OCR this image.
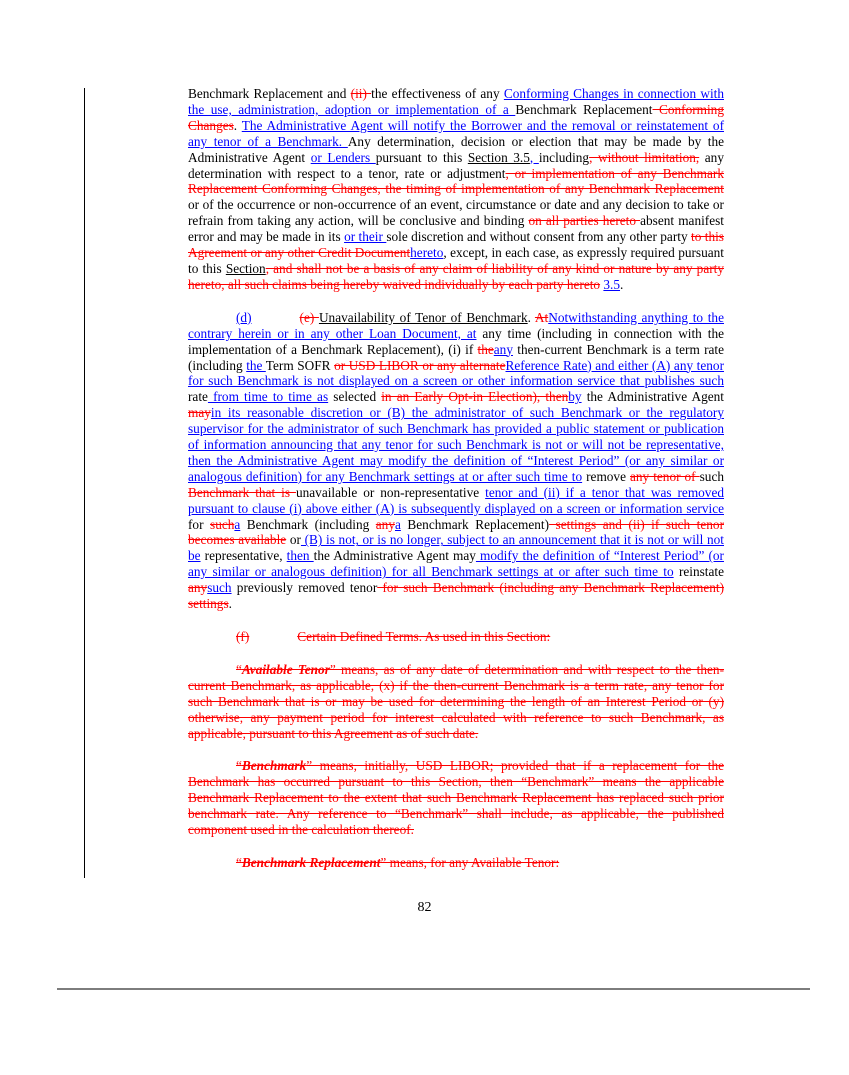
Benchmark Replacement and (ii) the effectiveness of any Conforming Changes in connection with the use, administration, adoption or implementation of a Benchmark Replacement Conforming Changes. The Administrative Agent will notify the Borrower and the removal or reinstatement of any tenor of a Benchmark. Any determination, decision or election that may be made by the Administrative Agent or Lenders pursuant to this Section 3.5, including, without limitation, any determination with respect to a tenor, rate or adjustment, or implementation of any Benchmark Replacement Conforming Changes, the timing of implementation of any Benchmark Replacement or of the occurrence or non-occurrence of an event, circumstance or date and any decision to take or refrain from taking any action, will be conclusive and binding on all parties hereto absent manifest error and may be made in its or their sole discretion and without consent from any other party to this Agreement or any other Credit Documenthereto, except, in each case, as expressly required pursuant to this Section, and shall not be a basis of any claim of liability of any kind or nature by any party hereto, all such claims being hereby waived individually by each party hereto 3.5.

(d)	(e) Unavailability of Tenor of Benchmark. AtNotwithstanding anything to the contrary herein or in any other Loan Document, at any time (including in connection with the implementation of a Benchmark Replacement), (i) if theany then-current Benchmark is a term rate (including the Term SOFR or USD LIBOR or any alternateReference Rate) and either (A) any tenor for such Benchmark is not displayed on a screen or other information service that publishes such rate from time to time as selected in an Early Opt-in Election), thenby the Administrative Agent mayin its reasonable discretion or (B) the administrator of such Benchmark or the regulatory supervisor for the administrator of such Benchmark has provided a public statement or publication of information announcing that any tenor for such Benchmark is not or will not be representative, then the Administrative Agent may modify the definition of “Interest Period” (or any similar or analogous definition) for any Benchmark settings at or after such time to remove any tenor of such Benchmark that is unavailable or non-representative tenor and (ii) if a tenor that was removed pursuant to clause (i) above either (A) is subsequently displayed on a screen or information service for sucha Benchmark (including anya Benchmark Replacement) settings and (ii) if such tenor becomes available or (B) is not, or is no longer, subject to an announcement that it is not or will not be representative, then the Administrative Agent may modify the definition of “Interest Period” (or any similar or analogous definition) for all Benchmark settings at or after such time to reinstate anysuch previously removed tenor for such Benchmark (including any Benchmark Replacement) settings.

(f)	Certain Defined Terms. As used in this Section:

“Available Tenor” means, as of any date of determination and with respect to the then-current Benchmark, as applicable, (x) if the then-current Benchmark is a term rate, any tenor for such Benchmark that is or may be used for determining the length of an Interest Period or (y) otherwise, any payment period for interest calculated with reference to such Benchmark, as applicable, pursuant to this Agreement as of such date.

“Benchmark” means, initially, USD LIBOR; provided that if a replacement for the Benchmark has occurred pursuant to this Section, then “Benchmark” means the applicable Benchmark Replacement to the extent that such Benchmark Replacement has replaced such prior benchmark rate. Any reference to “Benchmark” shall include, as applicable, the published component used in the calculation thereof.

“Benchmark Replacement” means, for any Available Tenor:

82
